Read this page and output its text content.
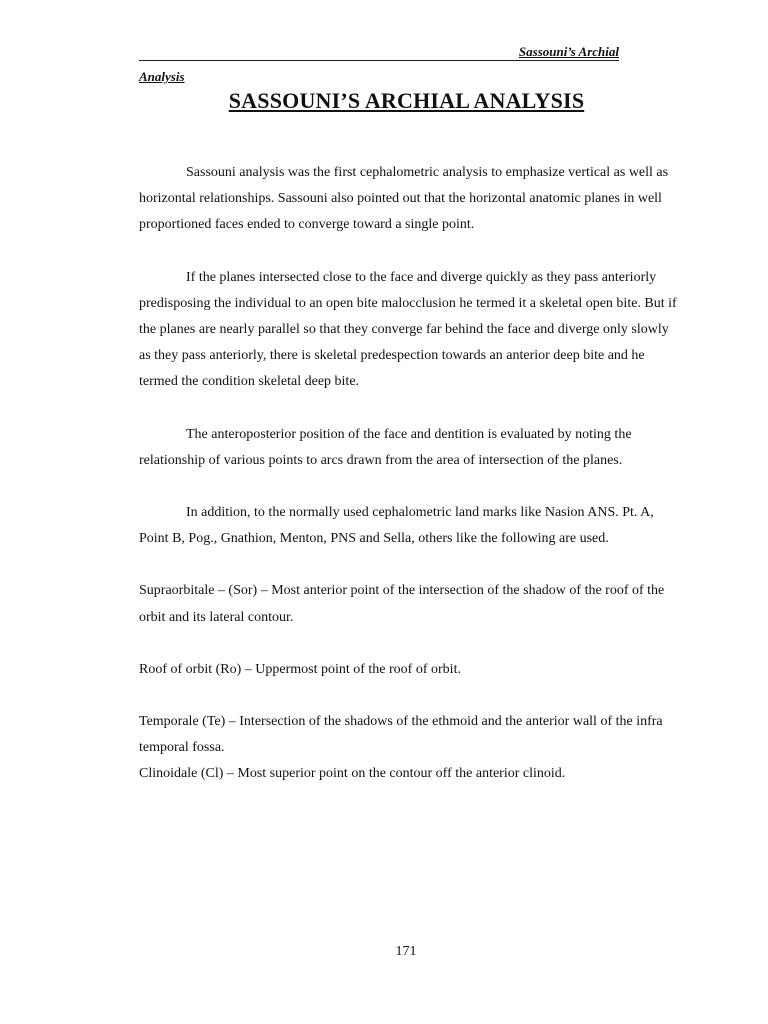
Sassouni’s Archial
Analysis
SASSOUNI’S ARCHIAL ANALYSIS

Sassouni analysis was the first cephalometric analysis to emphasize vertical as well as horizontal relationships. Sassouni also pointed out that the horizontal anatomic planes in well proportioned faces ended to converge toward a single point.

If the planes intersected close to the face and diverge quickly as they pass anteriorly predisposing the individual to an open bite malocclusion he termed it a skeletal open bite. But if the planes are nearly parallel so that they converge far behind the face and diverge only slowly as they pass anteriorly, there is skeletal predespection towards an anterior deep bite and he termed the condition skeletal deep bite.

The anteroposterior position of the face and dentition is evaluated by noting the relationship of various points to arcs drawn from the area of intersection of the planes.

In addition, to the normally used cephalometric land marks like Nasion ANS. Pt. A, Point B, Pog., Gnathion, Menton, PNS and Sella, others like the following are used.

Supraorbitale – (Sor) – Most anterior point of the intersection of the shadow of the roof of the orbit and its lateral contour.

Roof of orbit (Ro) – Uppermost point of the roof of orbit.

Temporale (Te) – Intersection of the shadows of the ethmoid and the anterior wall of the infra temporal fossa.

Clinoidale (Cl) – Most superior point on the contour off the anterior clinoid.

171
